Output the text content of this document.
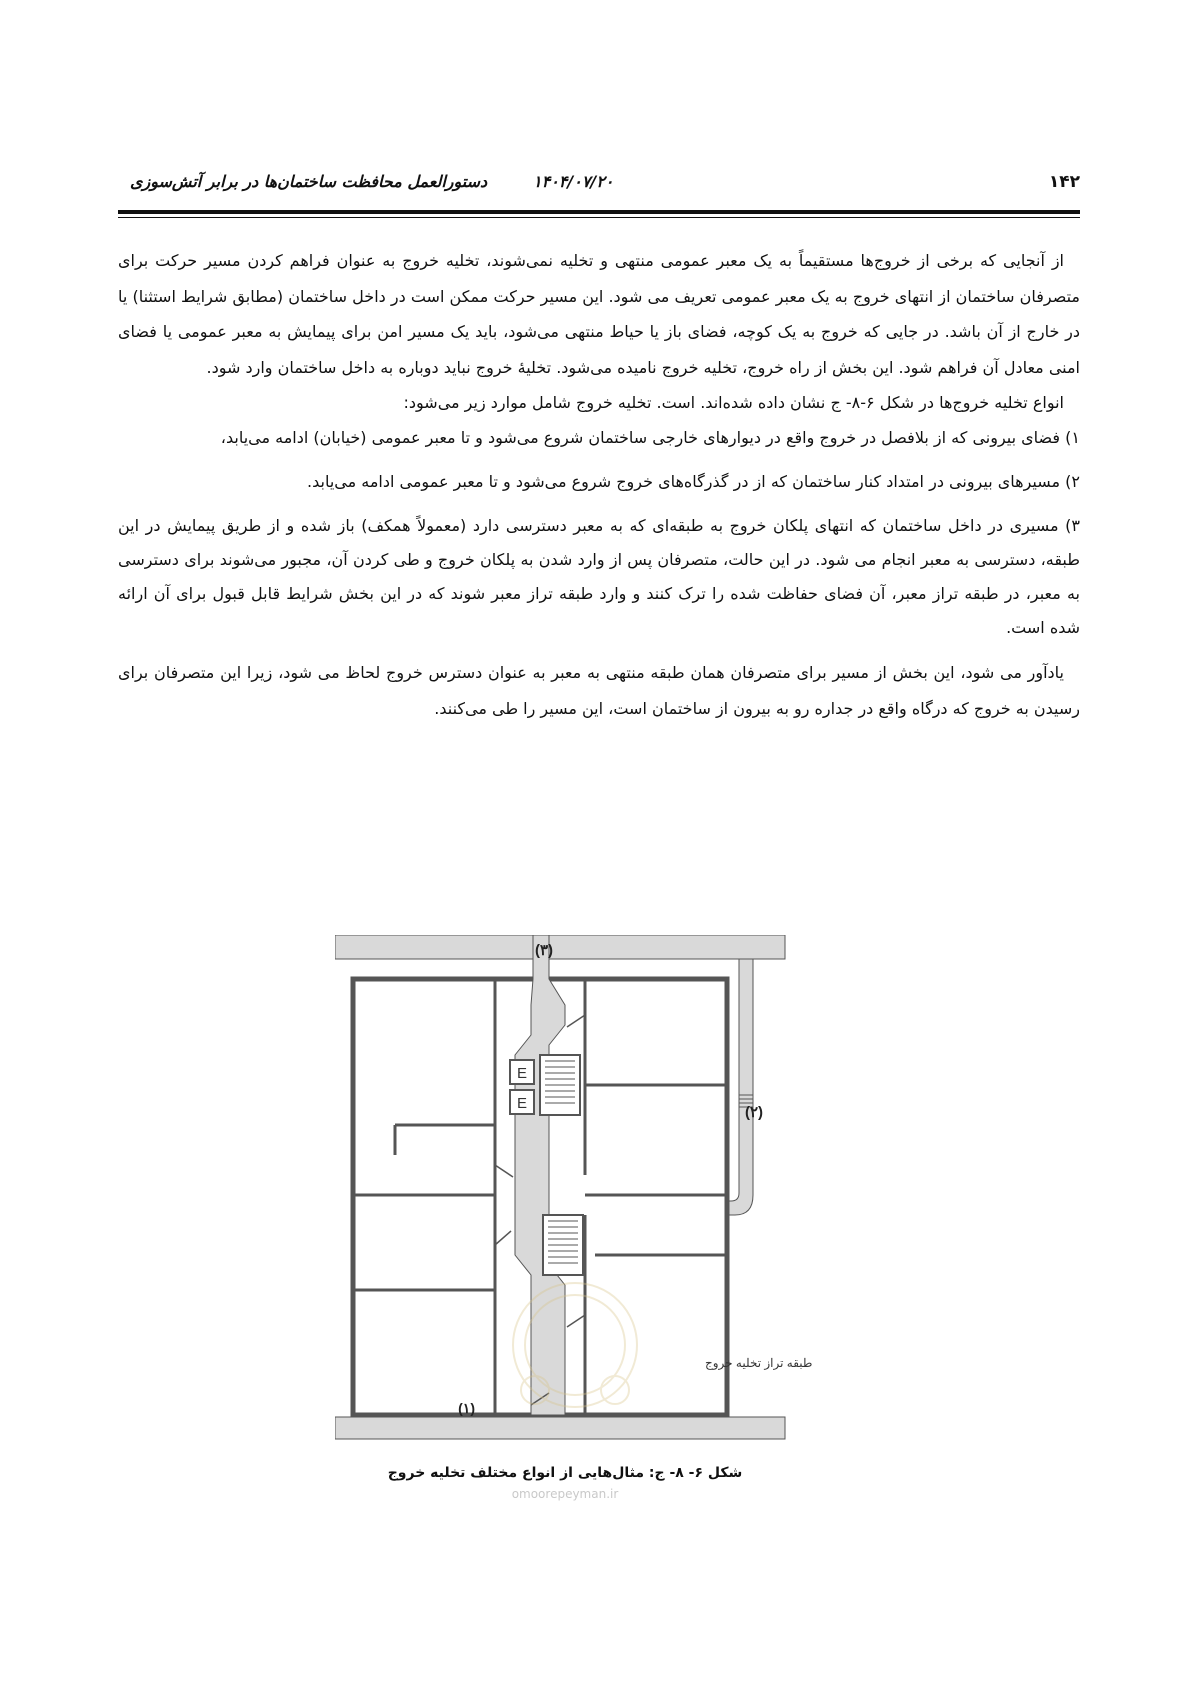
۱۴۲
۱۴۰۴/۰۷/۲۰
دستورالعمل محافظت ساختمان‌ها در برابر آتش‌سوزی

از آنجایی که برخی از خروج‌ها مستقیماً به یک معبر عمومی منتهی و تخلیه نمی‌شوند، تخلیه خروج به عنوان فراهم کردن مسیر حرکت برای متصرفان ساختمان از انتهای خروج به یک معبر عمومی تعریف می شود. این مسیر حرکت ممکن است در داخل ساختمان (مطابق شرایط استثنا) یا در خارج از آن باشد. در جایی که خروج به یک کوچه، فضای باز یا حیاط منتهی می‌شود، باید یک مسیر امن برای پیمایش به معبر عمومی یا فضای امنی معادل آن فراهم شود. این بخش از راه خروج، تخلیه خروج نامیده می‌شود. تخلیهٔ خروج نباید دوباره به داخل ساختمان وارد شود.

انواع تخلیه خروج‌ها در شکل ۶-۸- ج نشان داده شده‌اند. است. تخلیه خروج شامل موارد زیر می‌شود:

۱) فضای بیرونی که از بلافصل در خروج واقع در دیوارهای خارجی ساختمان شروع می‌شود و تا معبر عمومی (خیابان) ادامه می‌یابد،

۲) مسیرهای بیرونی در امتداد کنار ساختمان که از در گذرگاه‌های خروج شروع می‌شود و تا معبر عمومی ادامه می‌یابد.

۳) مسیری در داخل ساختمان که انتهای پلکان خروج به طبقه‌ای که به معبر دسترسی دارد (معمولاً همکف) باز شده و از طریق پیمایش در این طبقه، دسترسی به معبر انجام می شود. در این حالت، متصرفان پس از وارد شدن به پلکان خروج و طی کردن آن، مجبور می‌شوند برای دسترسی به معبر، در طبقه تراز معبر، آن فضای حفاظت شده را ترک کنند و وارد طبقه تراز معبر شوند که در این بخش شرایط قابل قبول برای آن ارائه شده است.

یادآور می شود، این بخش از مسیر برای متصرفان همان طبقه منتهی به معبر به عنوان دسترس خروج لحاظ می شود، زیرا این متصرفان برای رسیدن به خروج که درگاه واقع در جداره رو به بیرون از ساختمان است، این مسیر را طی می‌کنند.

E
E
(۳)
(۲)
(۱)
طبقه تراز تخلیه خروج
شکل ۶- ۸- ج: مثال‌هایی از انواع مختلف تخلیه خروج
omoorepeyman.ir
